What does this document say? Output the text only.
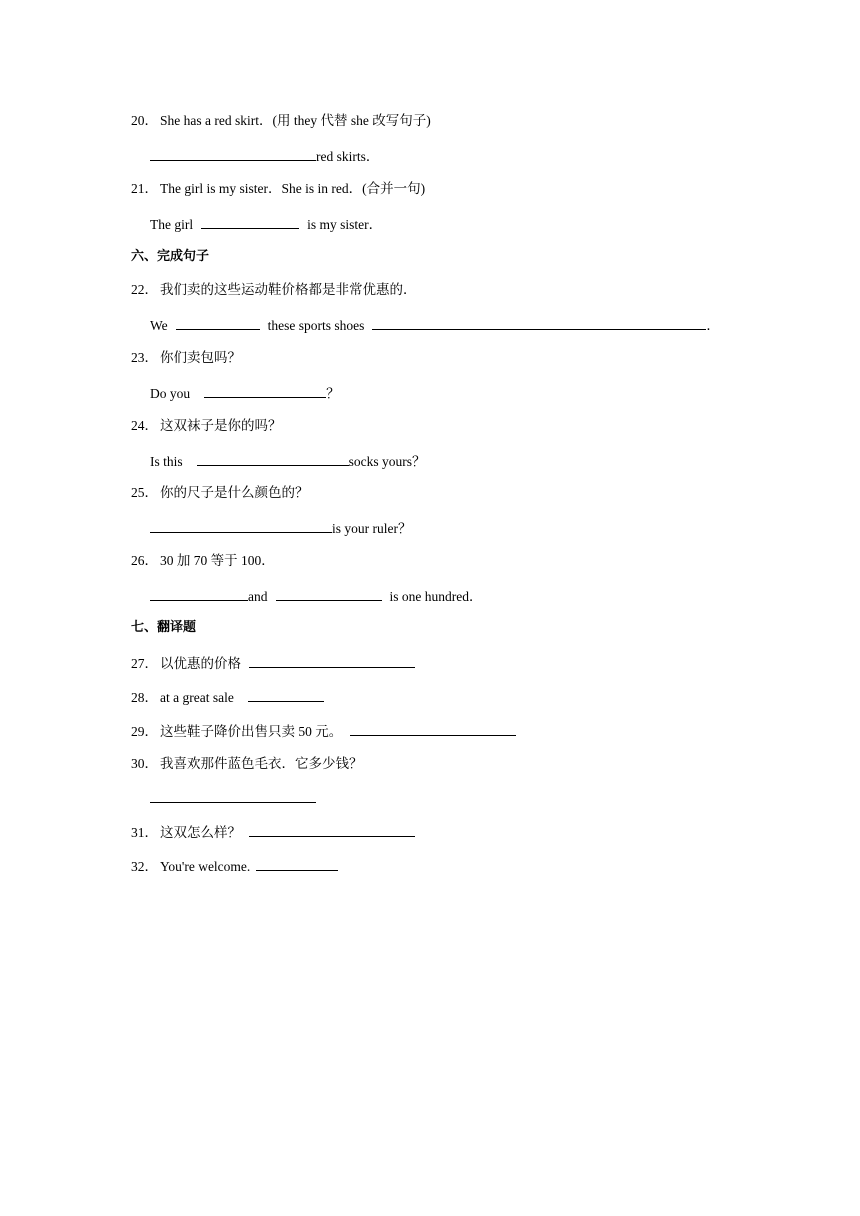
20． She has a red skirt．(用 they 代替 she 改写句子)
red skirts．
21． The girl is my sister．She is in red．(合并一句)
The girl	is my sister．
六、完成句子
22． 我们卖的这些运动鞋价格都是非常优惠的．
We	these sports shoes	．
23． 你们卖包吗？
Do you	？
24． 这双袜子是你的吗？
Is this	socks yours？
25． 你的尺子是什么颜色的？
is your ruler？
26． 30 加 70 等于 100．
and	is one hundred．
七、翻译题
27． 以优惠的价格
28． at a great sale
29． 这些鞋子降价出售只卖 50 元。
30． 我喜欢那件蓝色毛衣．它多少钱？
31． 这双怎么样？
32． You're welcome.
